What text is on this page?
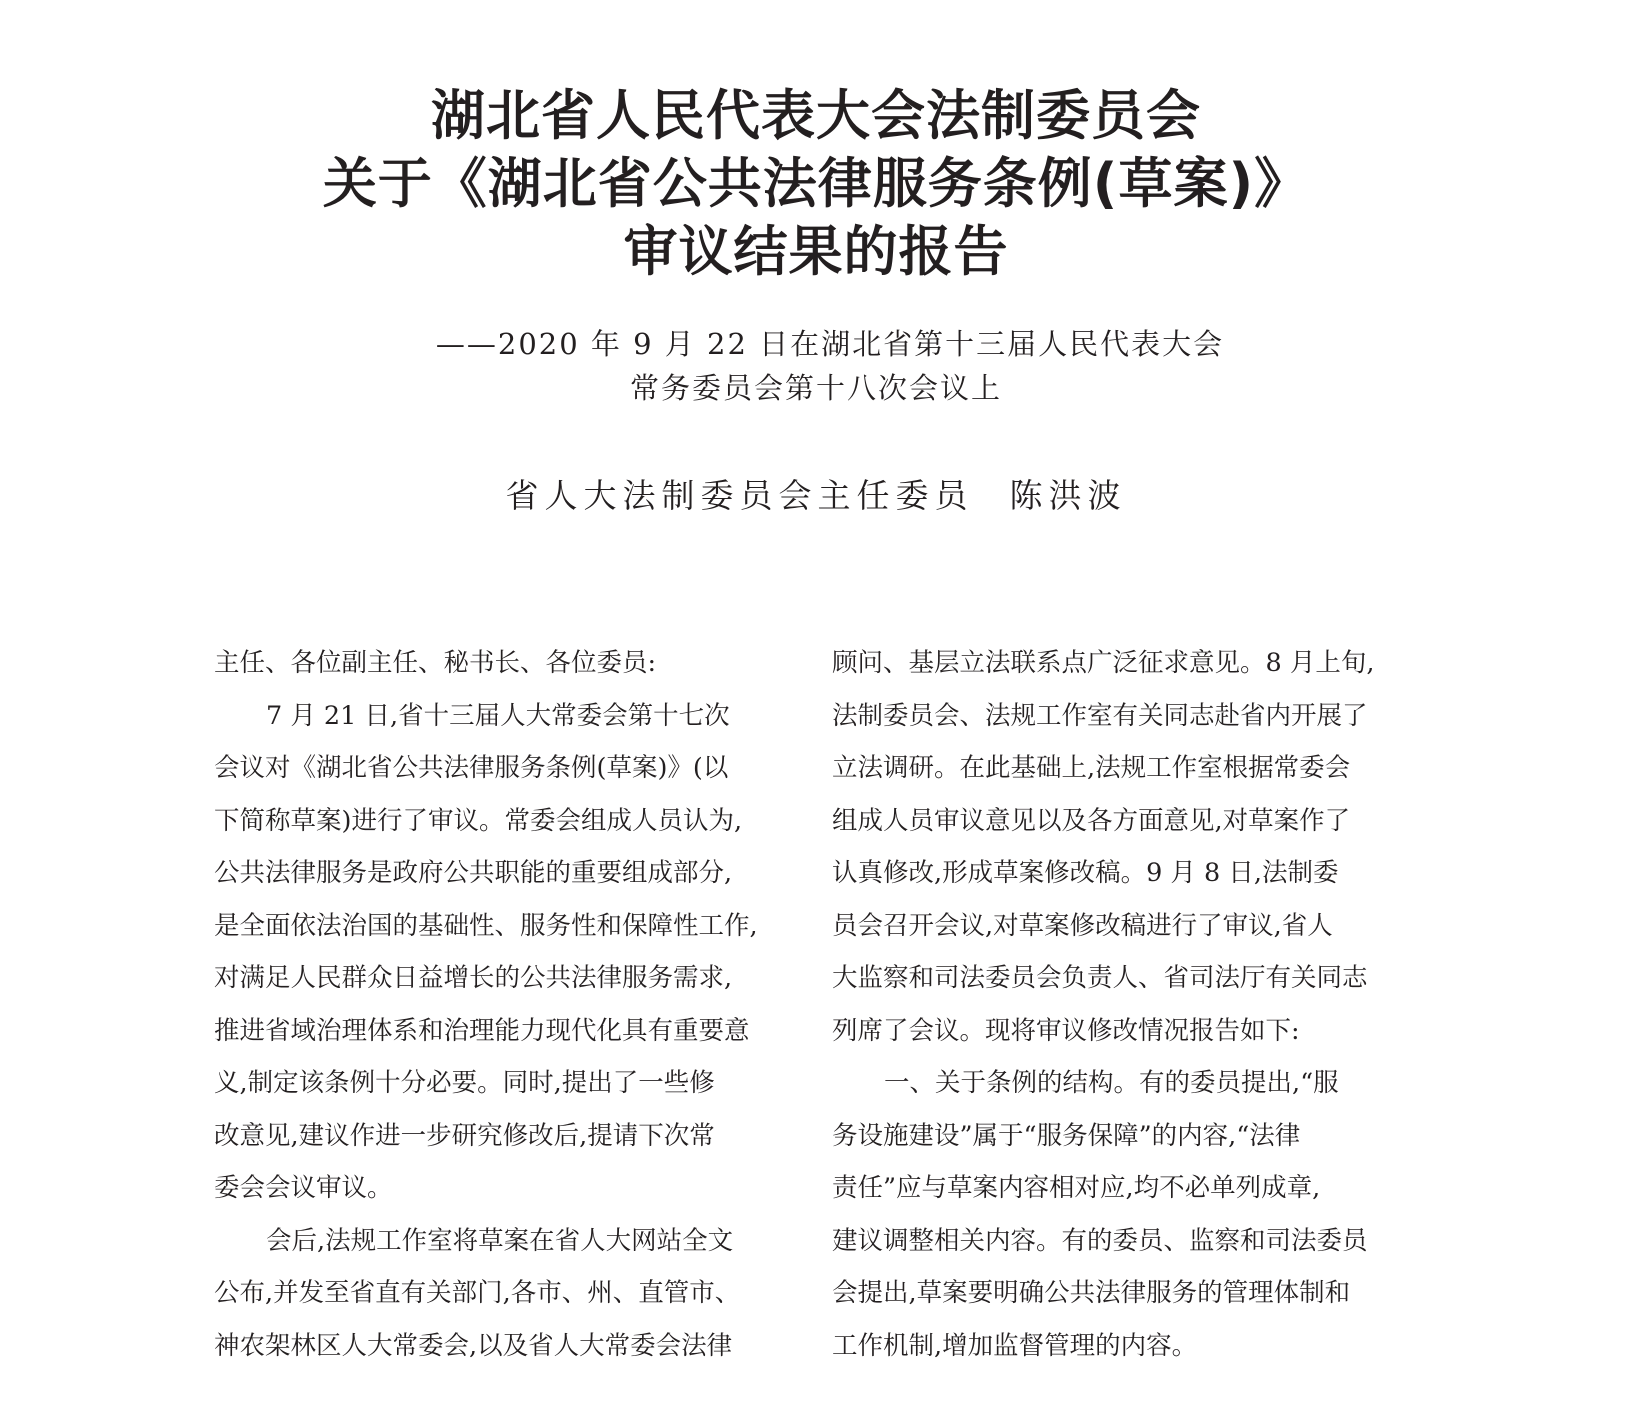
湖北省人民代表大会法制委员会
关于《湖北省公共法律服务条例(草案)》
审议结果的报告
——2020 年 9 月 22 日在湖北省第十三届人民代表大会
常务委员会第十八次会议上
省人大法制委员会主任委员 陈洪波
主任、各位副主任、秘书长、各位委员:
7 月 21 日,省十三届人大常委会第十七次
会议对《湖北省公共法律服务条例(草案)》(以
下简称草案)进行了审议。常委会组成人员认为,
公共法律服务是政府公共职能的重要组成部分,
是全面依法治国的基础性、服务性和保障性工作,
对满足人民群众日益增长的公共法律服务需求,
推进省域治理体系和治理能力现代化具有重要意
义,制定该条例十分必要。同时,提出了一些修
改意见,建议作进一步研究修改后,提请下次常
委会会议审议。
会后,法规工作室将草案在省人大网站全文
公布,并发至省直有关部门,各市、州、直管市、
神农架林区人大常委会,以及省人大常委会法律
顾问、基层立法联系点广泛征求意见。8 月上旬,
法制委员会、法规工作室有关同志赴省内开展了
立法调研。在此基础上,法规工作室根据常委会
组成人员审议意见以及各方面意见,对草案作了
认真修改,形成草案修改稿。9 月 8 日,法制委
员会召开会议,对草案修改稿进行了审议,省人
大监察和司法委员会负责人、省司法厅有关同志
列席了会议。现将审议修改情况报告如下:
一、关于条例的结构。有的委员提出,“服
务设施建设”属于“服务保障”的内容,“法律
责任”应与草案内容相对应,均不必单列成章,
建议调整相关内容。有的委员、监察和司法委员
会提出,草案要明确公共法律服务的管理体制和
工作机制,增加监督管理的内容。
